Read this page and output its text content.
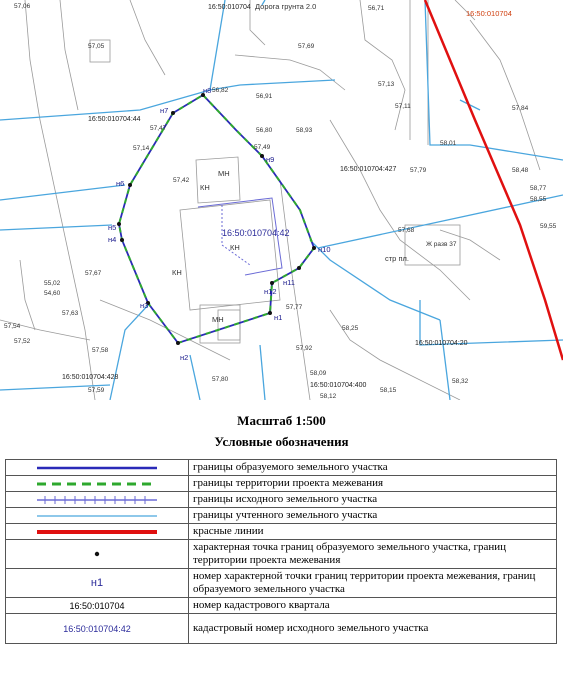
н1
н2
н3
н4
н5
н6
н7
н8
н9
н10
н11
н12
16:50:010704 Дорога грунта 2.0
16:50:010704
16:50:010704:44
16:50:010704:427
16:50:010704:428
16:50:010704:400
16:50:010704:20
16:50:010704:42
КН
МН
МН
КН
КН
стр пл.
Ж разв 37
57,06
57,05	57,69
56,71
57,13
57,11	57,84
56,91
56,80	58,93
57,47
57,14
57,42
57,49
57,79
58,01
58,48
58,77
58,55
59,55
57,67
57,68
57,63
57,77
57,58	57,92
58,25
58,32
57,80
58,09
58,12
58,15
57,54
55,02
54,60
57,52
57,59
56,82
Масштаб 1:500
Условные обозначения
	границы образуемого земельного участка

	границы территории проекта межевания

	границы исходного земельного участка

	границы учтенного земельного участка

	красные линии

	характерная точка границ образуемого земельного участка, границ территории проекта межевания
н1	номер характерной точки границ территории проекта межевания, границ образуемого земельного участка
16:50:010704	номер кадастрового квартала
16:50:010704:42	кадастровый номер исходного земельного участка
